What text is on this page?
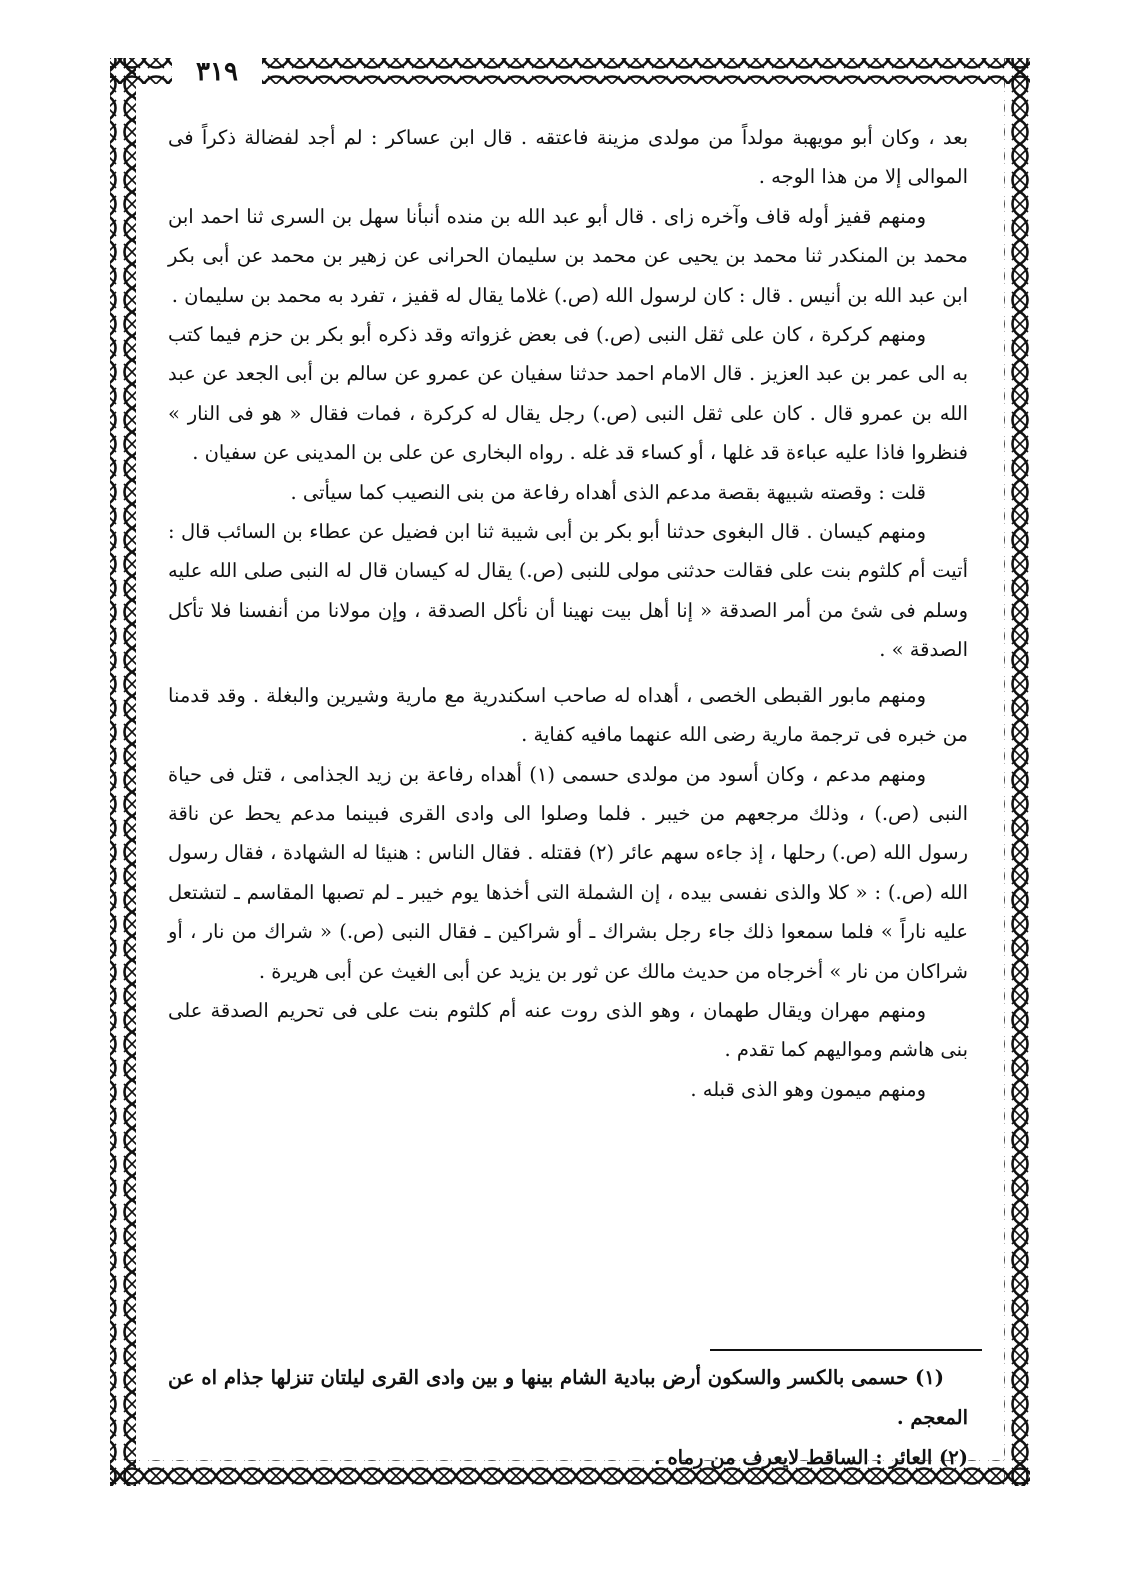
٣١٩

بعد ، وكان أبو مويهبة مولداً من مولدى مزينة فاعتقه . قال ابن عساكر : لم أجد لفضالة ذكراً فى الموالى إلا من هذا الوجه .

ومنهم قفيز أوله قاف وآخره زاى . قال أبو عبد الله بن منده أنبأنا سهل بن السرى ثنا احمد ابن محمد بن المنكدر ثنا محمد بن يحيى عن محمد بن سليمان الحرانى عن زهير بن محمد عن أبى بكر ابن عبد الله بن أنيس . قال : كان لرسول الله (ص.) غلاما يقال له قفيز ، تفرد به محمد بن سليمان .

ومنهم كركرة ، كان على ثقل النبى (ص.) فى بعض غزواته وقد ذكره أبو بكر بن حزم فيما كتب به الى عمر بن عبد العزيز . قال الامام احمد حدثنا سفيان عن عمرو عن سالم بن أبى الجعد عن عبد الله بن عمرو قال . كان على ثقل النبى (ص.) رجل يقال له كركرة ، فمات فقال « هو فى النار » فنظروا فاذا عليه عباءة قد غلها ، أو كساء قد غله . رواه البخارى عن على بن المدينى عن سفيان .

قلت : وقصته شبيهة بقصة مدعم الذى أهداه رفاعة من بنى النصيب كما سيأتى .

ومنهم كيسان . قال البغوى حدثنا أبو بكر بن أبى شيبة ثنا ابن فضيل عن عطاء بن السائب قال : أتيت أم كلثوم بنت على فقالت حدثنى مولى للنبى (ص.) يقال له كيسان قال له النبى صلى الله عليه وسلم فى شئ من أمر الصدقة « إنا أهل بيت نهينا أن نأكل الصدقة ، وإن مولانا من أنفسنا فلا تأكل الصدقة » .

ومنهم مابور القبطى الخصى ، أهداه له صاحب اسكندرية مع مارية وشيرين والبغلة . وقد قدمنا من خبره فى ترجمة مارية رضى الله عنهما مافيه كفاية .

ومنهم مدعم ، وكان أسود من مولدى حسمى (١) أهداه رفاعة بن زيد الجذامى ، قتل فى حياة النبى (ص.) ، وذلك مرجعهم من خيبر . فلما وصلوا الى وادى القرى فبينما مدعم يحط عن ناقة رسول الله (ص.) رحلها ، إذ جاءه سهم عائر (٢) فقتله . فقال الناس : هنيئا له الشهادة ، فقال رسول الله (ص.) : « كلا والذى نفسى بيده ، إن الشملة التى أخذها يوم خيبر ـ لم تصبها المقاسم ـ لتشتعل عليه ناراً » فلما سمعوا ذلك جاء رجل بشراك ـ أو شراكين ـ فقال النبى (ص.) « شراك من نار ، أو شراكان من نار » أخرجاه من حديث مالك عن ثور بن يزيد عن أبى الغيث عن أبى هريرة .

ومنهم مهران ويقال طهمان ، وهو الذى روت عنه أم كلثوم بنت على فى تحريم الصدقة على بنى هاشم ومواليهم كما تقدم .

ومنهم ميمون وهو الذى قبله .

(١) حسمى بالكسر والسكون أرض ببادية الشام بينها و بين وادى القرى ليلتان تنزلها جذام اه عن المعجم .

(٢) العائر : الساقط لايعرف من رماه .
